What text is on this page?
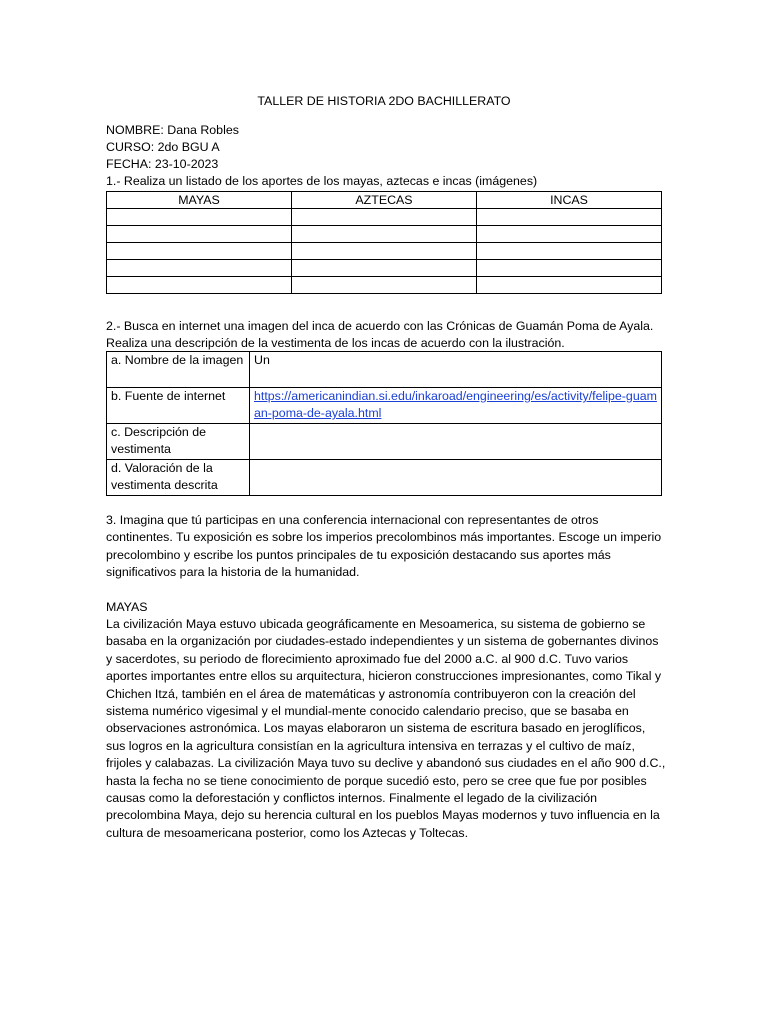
TALLER DE HISTORIA 2DO BACHILLERATO
NOMBRE: Dana Robles
CURSO: 2do BGU A
FECHA: 23-10-2023
1.- Realiza un listado de los aportes de los mayas, aztecas e incas (imágenes)
MAYAS	AZTECAS	INCAS

2.- Busca en internet una imagen del inca de acuerdo con las Crónicas de Guamán Poma de Ayala.
Realiza una descripción de la vestimenta de los incas de acuerdo con la ilustración.
a. Nombre de la imagen	Un
b. Fuente de internet	https://americanindian.si.edu/inkaroad/engineering/es/activity/felipe-guaman-poma-de-ayala.html
c. Descripción de vestimenta	
d. Valoración de la vestimenta descrita	
3. Imagina que tú participas en una conferencia internacional con representantes de otros continentes. Tu exposición es sobre los imperios precolombinos más importantes. Escoge un imperio precolombino y escribe los puntos principales de tu exposición destacando sus aportes más significativos para la historia de la humanidad.
MAYAS
La civilización Maya estuvo ubicada geográficamente en Mesoamerica, su sistema de gobierno se basaba en la organización por ciudades-estado independientes y un sistema de gobernantes divinos y sacerdotes, su periodo de florecimiento aproximado fue del 2000 a.C. al 900 d.C. Tuvo varios aportes importantes entre ellos su arquitectura, hicieron construcciones impresionantes, como Tikal y Chichen Itzá, también en el área de matemáticas y astronomía contribuyeron con la creación del sistema numérico vigesimal y el mundial-mente conocido calendario preciso, que se basaba en observaciones astronómica. Los mayas elaboraron un sistema de escritura basado en jeroglíficos, sus logros en la agricultura consistían en la agricultura intensiva en terrazas y el cultivo de maíz, frijoles y calabazas. La civilización Maya tuvo su declive y abandonó sus ciudades en el año 900 d.C., hasta la fecha no se tiene conocimiento de porque sucedió esto, pero se cree que fue por posibles causas como la deforestación y conflictos internos. Finalmente el legado de la civilización precolombina Maya, dejo su herencia cultural en los pueblos Mayas modernos y tuvo influencia en la cultura de mesoamericana posterior, como los Aztecas y Toltecas.
